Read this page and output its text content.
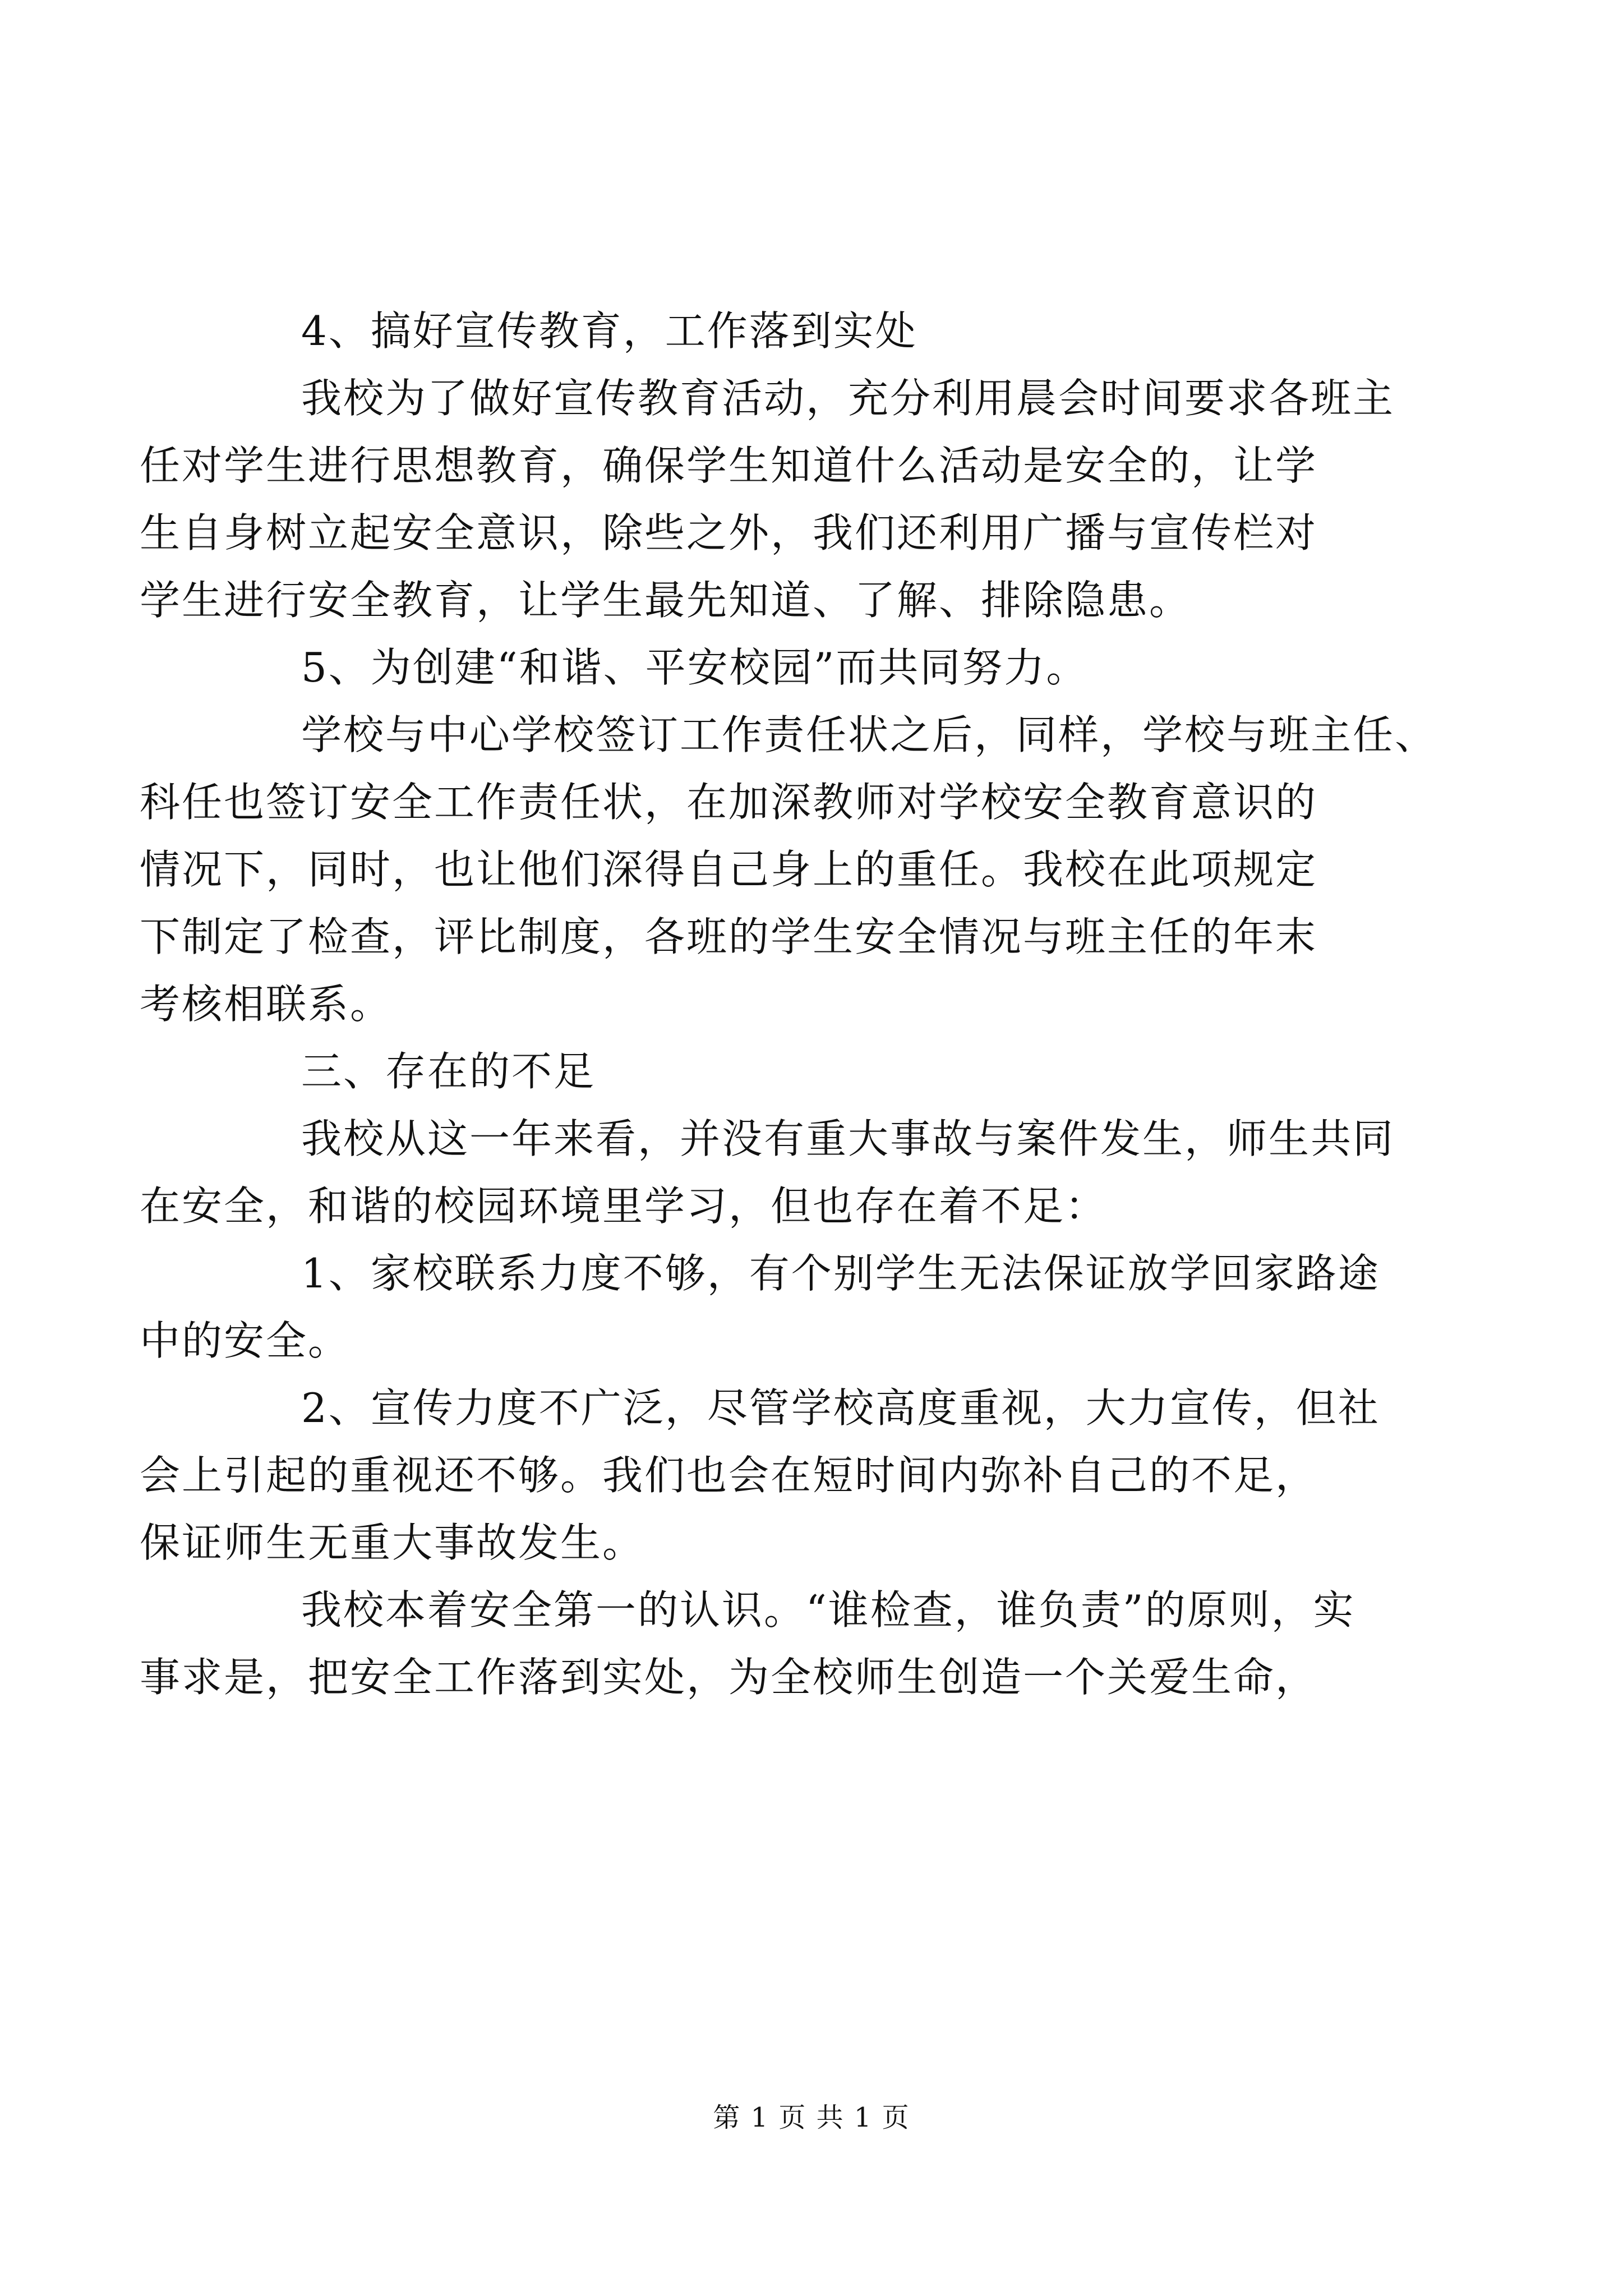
4、搞好宣传教育，工作落到实处

我校为了做好宣传教育活动，充分利用晨会时间要求各班主
任对学生进行思想教育，确保学生知道什么活动是安全的，让学
生自身树立起安全意识，除些之外，我们还利用广播与宣传栏对
学生进行安全教育，让学生最先知道、了解、排除隐患。

5、为创建“和谐、平安校园”而共同努力。

学校与中心学校签订工作责任状之后，同样，学校与班主任、
科任也签订安全工作责任状，在加深教师对学校安全教育意识的
情况下，同时，也让他们深得自己身上的重任。我校在此项规定
下制定了检查，评比制度，各班的学生安全情况与班主任的年末
考核相联系。

三、存在的不足

我校从这一年来看，并没有重大事故与案件发生，师生共同
在安全，和谐的校园环境里学习，但也存在着不足：

1、家校联系力度不够，有个别学生无法保证放学回家路途
中的安全。

2、宣传力度不广泛，尽管学校高度重视，大力宣传，但社
会上引起的重视还不够。我们也会在短时间内弥补自己的不足，
保证师生无重大事故发生。

我校本着安全第一的认识。“谁检查，谁负责”的原则，实
事求是，把安全工作落到实处，为全校师生创造一个关爱生命，

第 1 页 共 1 页
